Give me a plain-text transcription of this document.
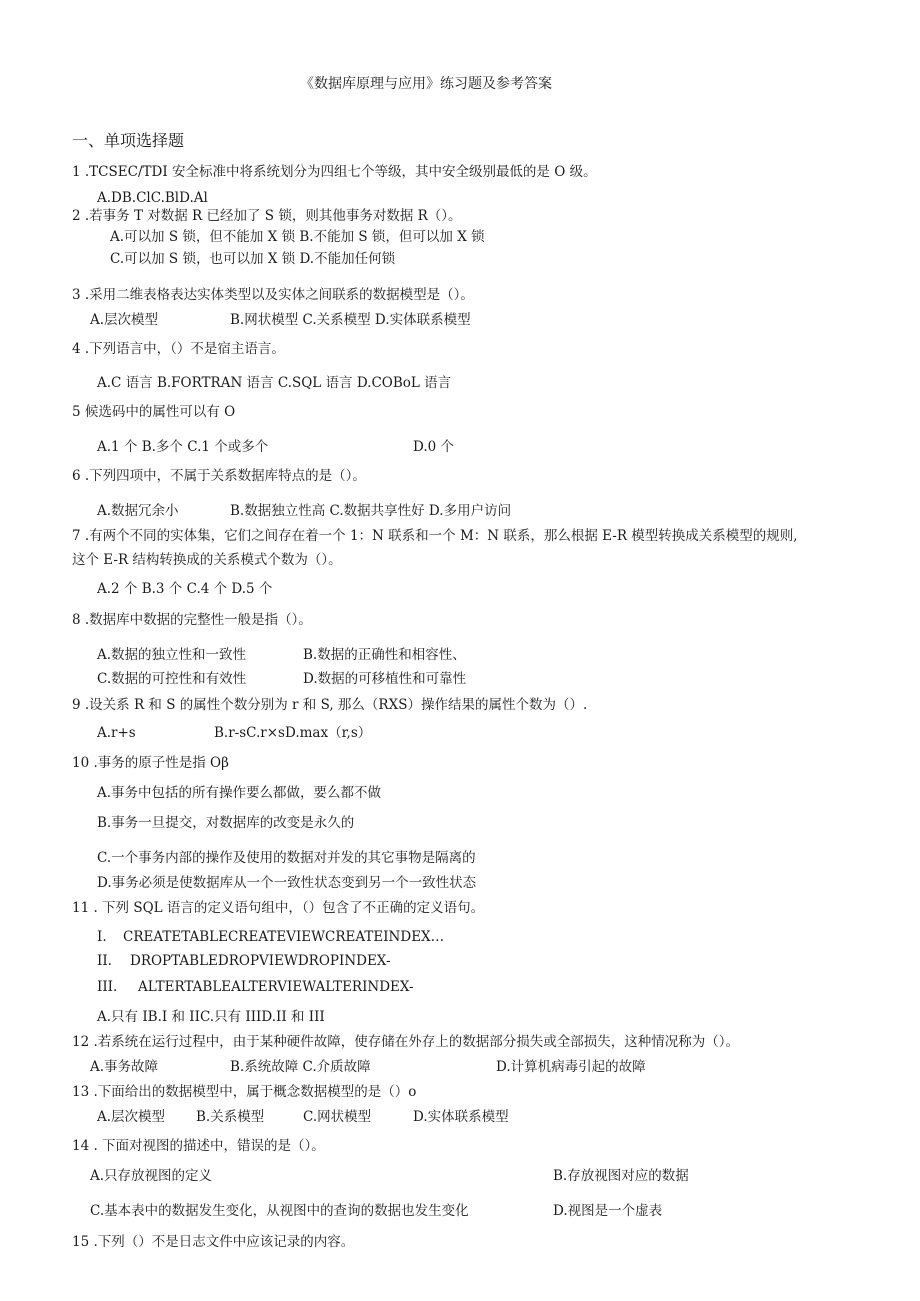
《数据库原理与应用》练习题及参考答案
一、单项选择题
1 .TCSEC/TDI 安全标准中将系统划分为四组七个等级，其中安全级别最低的是 O 级。
A.DB.ClC.BlD.Al
2 .若事务 T 对数据 R 已经加了 S 锁，则其他事务对数据 R（）。
A.可以加 S 锁，但不能加 X 锁 B.不能加 S 锁，但可以加 X 锁
C.可以加 S 锁，也可以加 X 锁 D.不能加任何锁
3 .采用二维表格表达实体类型以及实体之间联系的数据模型是（）。
A.层次模型	B.网状模型 C.关系模型 D.实体联系模型
4 .下列语言中，（）不是宿主语言。
A.C 语言 B.FORTRAN 语言 C.SQL 语言 D.COBoL 语言
5 候选码中的属性可以有 O
A.1 个 B.多个 C.1 个或多个	D.0 个
6 .下列四项中，不属于关系数据库特点的是（）。
A.数据冗余小	B.数据独立性高 C.数据共享性好 D.多用户访问
7 .有两个不同的实体集，它们之间存在着一个 1：N 联系和一个 M：N 联系，那么根据 E-R 模型转换成关系模型的规则,
这个 E-R 结构转换成的关系模式个数为（）。
A.2 个 B.3 个 C.4 个 D.5 个
8 .数据库中数据的完整性一般是指（）。
A.数据的独立性和一致性	B.数据的正确性和相容性、
C.数据的可控性和有效性	D.数据的可移植性和可靠性
9 .设关系 R 和 S 的属性个数分别为 r 和 S, 那么（RXS）操作结果的属性个数为（）.
A.r+s	B.r-sC.r×sD.max（r,s）
10 .事务的原子性是指 Oβ
A.事务中包括的所有操作要么都做，要么都不做
B.事务一旦提交，对数据库的改变是永久的
C.一个事务内部的操作及使用的数据对并发的其它事物是隔离的
D.事务必须是使数据库从一个一致性状态变到另一个一致性状态
11 . 下列 SQL 语言的定义语句组中，（）包含了不正确的定义语句。
I. CREATETABLECREATEVIEWCREATEINDEX…
II. DROPTABLEDROPVIEWDROPINDEX-
III. ALTERTABLEALTERVIEWALTERINDEX-
A.只有 IB.I 和 IIC.只有 IIID.II 和 III
12 .若系统在运行过程中，由于某种硬件故障，使存储在外存上的数据部分损失或全部损失，这种情况称为（）。
A.事务故障	B.系统故障 C.介质故障	D.计算机病毒引起的故障
13 .下面给出的数据模型中，属于概念数据模型的是（）o
A.层次模型 B.关系模型	C.网状模型	D.实体联系模型
14 . 下面对视图的描述中，错误的是（）。
A.只存放视图的定义	B.存放视图对应的数据
C.基本表中的数据发生变化，从视图中的查询的数据也发生变化	D.视图是一个虚表
15 .下列（）不是日志文件中应该记录的内容。
